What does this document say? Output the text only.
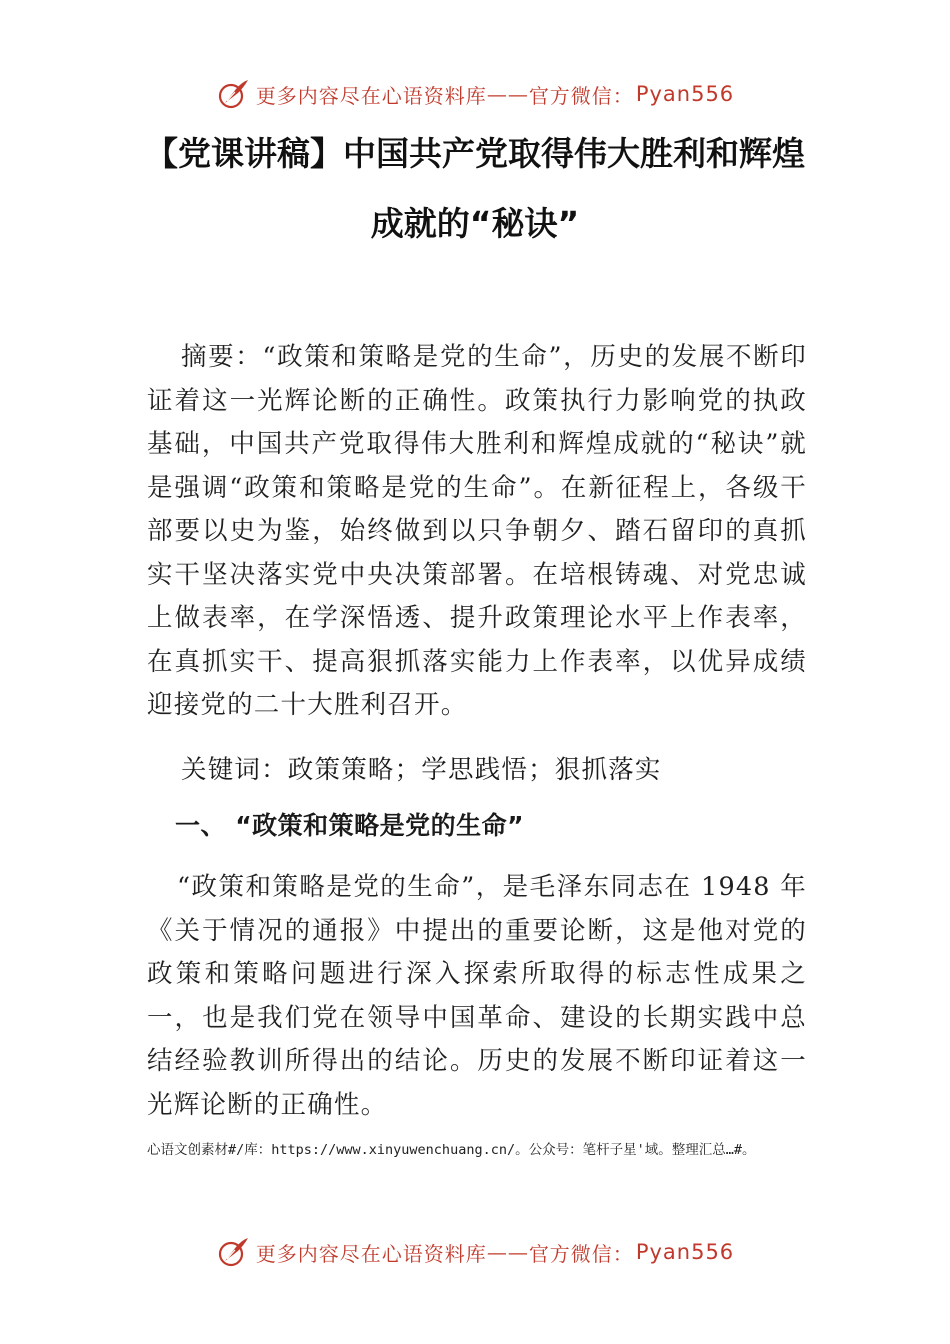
更多内容尽在心语资料库 —— 官方微信： Pyan556
【党课讲稿】中国共产党取得伟大胜利和辉煌
成就的“秘诀”
摘要：“政策和策略是党的生命”，历史的发展不断印证着这一光辉论断的正确性。政策执行力影响党的执政基础，中国共产党取得伟大胜利和辉煌成就的“秘诀”就是强调“政策和策略是党的生命”。在新征程上，各级干部要以史为鉴，始终做到以只争朝夕、踏石留印的真抓实干坚决落实党中央决策部署。在培根铸魂、对党忠诚上做表率，在学深悟透、提升政策理论水平上作表率，在真抓实干、提高狠抓落实能力上作表率，以优异成绩迎接党的二十大胜利召开。
关键词：政策策略；学思践悟；狠抓落实
一、 “政策和策略是党的生命”
“政策和策略是党的生命”，是毛泽东同志在 1948 年《关于情况的通报》中提出的重要论断，这是他对党的政策和策略问题进行深入探索所取得的标志性成果之一，也是我们党在领导中国革命、建设的长期实践中总结经验教训所得出的结论。历史的发展不断印证着这一光辉论断的正确性。
心语文创素材#/库：https://www.xinyuwenchuang.cn/。公众号：笔杆子星'域。整理汇总…#。
更多内容尽在心语资料库 —— 官方微信： Pyan556
